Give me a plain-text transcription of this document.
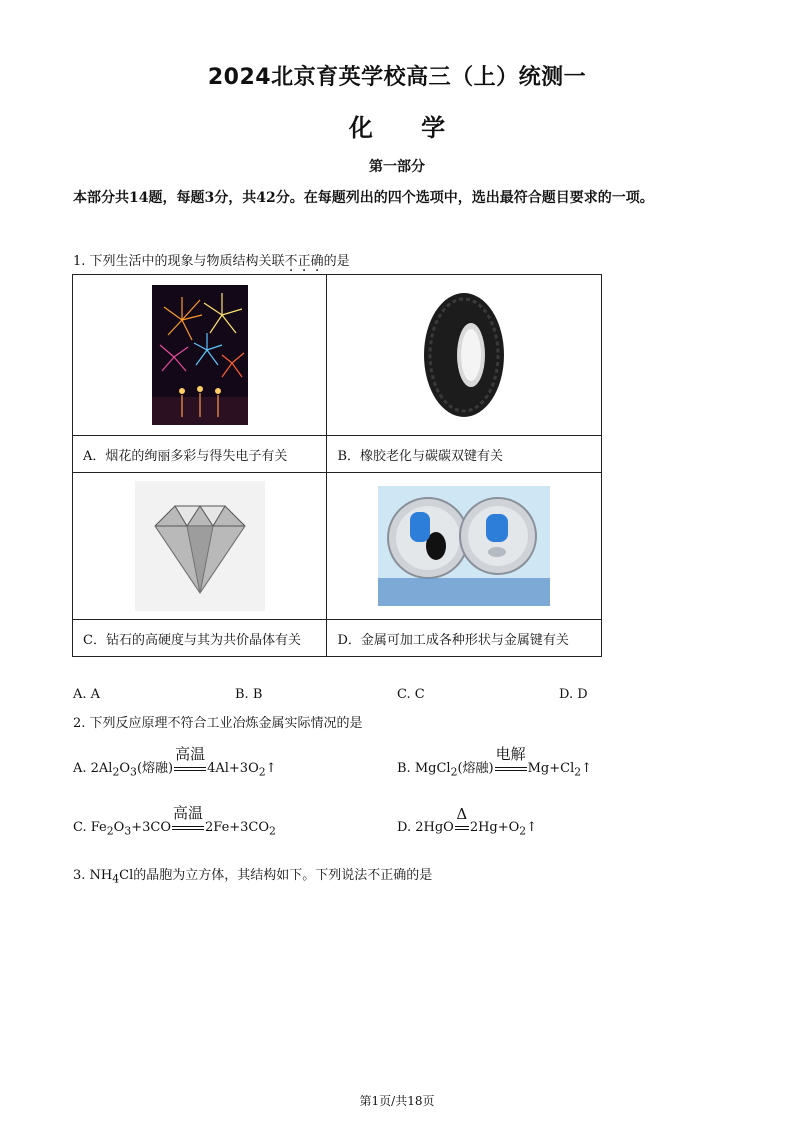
2024北京育英学校高三（上）统测一
化 学
第一部分
本部分共14题，每题3分，共42分。在每题列出的四个选项中，选出最符合题目要求的一项。
1. 下列生活中的现象与物质结构关联不正确的是

A．烟花的绚丽多彩与得失电子有关	B．橡胶老化与碳碳双键有关

C．钻石的高硬度与其为共价晶体有关	D．金属可加工成各种形状与金属键有关
A. A	B. B	C. C	D. D
2. 下列反应原理不符合工业冶炼金属实际情况的是
A. $2Al_2O_3$(熔融)
高温
$4Al+3O_2↑$	B. MgCl$_2$(熔融)
电解
$Mg+Cl_2↑$
C. $Fe_2O_3+3CO$
高温
$2Fe+3CO_2$	D. 2HgO
Δ
$2Hg+O_2↑$
3. $NH_4Cl$的晶胞为立方体，其结构如下。下列说法不正确的是
第1页/共18页
